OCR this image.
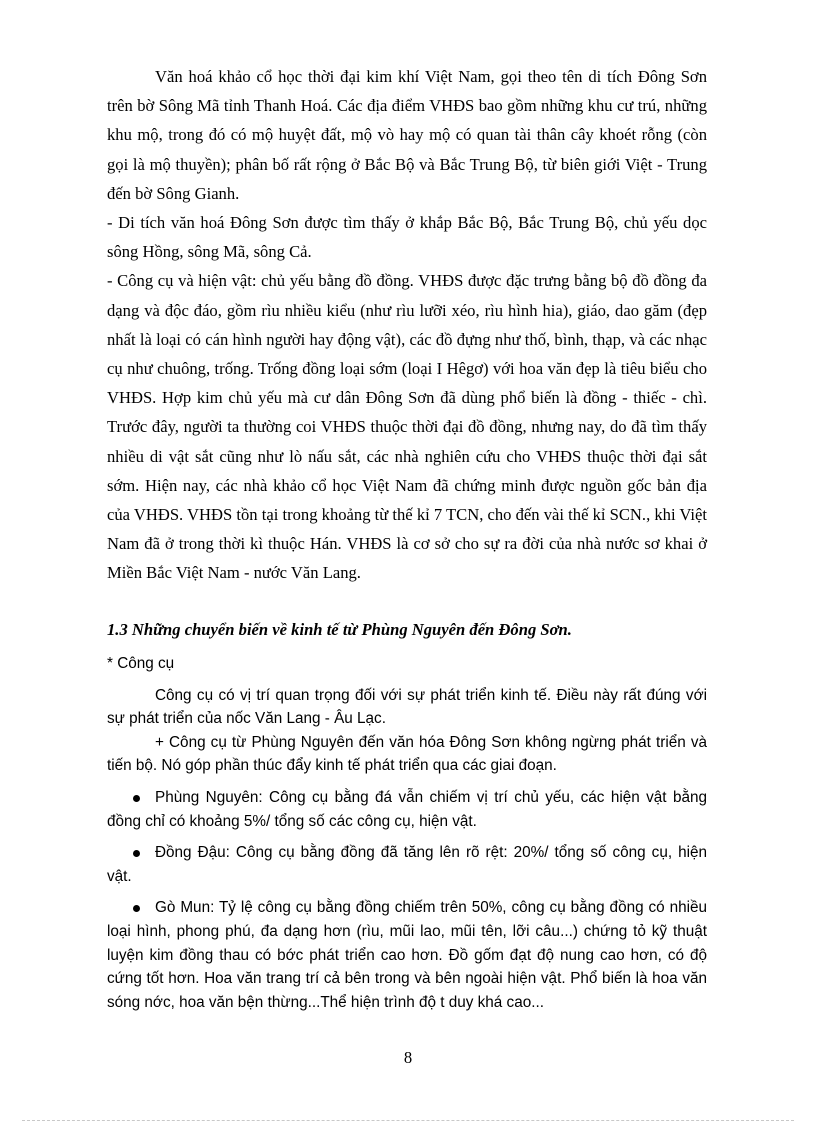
Văn hoá khảo cổ học thời đại kim khí Việt Nam, gọi theo tên di tích Đông Sơn trên bờ Sông Mã tỉnh Thanh Hoá. Các địa điểm VHĐS bao gồm những khu cư trú, những khu mộ, trong đó có mộ huyệt đất, mộ vò hay mộ có quan tài thân cây khoét rỗng (còn gọi là mộ thuyền); phân bố rất rộng ở Bắc Bộ và Bắc Trung Bộ, từ biên giới Việt - Trung đến bờ Sông Gianh.

- Di tích văn hoá Đông Sơn được tìm thấy ở khắp Bắc Bộ, Bắc Trung Bộ, chủ yếu dọc sông Hồng, sông Mã, sông Cả.

- Công cụ và hiện vật: chủ yếu bằng đồ đồng. VHĐS được đặc trưng bằng bộ đồ đồng đa dạng và độc đáo, gồm rìu nhiều kiểu (như rìu lưỡi xéo, rìu hình hia), giáo, dao găm (đẹp nhất là loại có cán hình người hay động vật), các đồ đựng như thố, bình, thạp, và các nhạc cụ như chuông, trống. Trống đồng loại sớm (loại I Hêgơ) với hoa văn đẹp là tiêu biểu cho VHĐS. Hợp kim chủ yếu mà cư dân Đông Sơn đã dùng phổ biến là đồng - thiếc - chì. Trước đây, người ta thường coi VHĐS thuộc thời đại đồ đồng, nhưng nay, do đã tìm thấy nhiều di vật sắt cũng như lò nấu sắt, các nhà nghiên cứu cho VHĐS thuộc thời đại sắt sớm. Hiện nay, các nhà khảo cổ học Việt Nam đã chứng minh được nguồn gốc bản địa của VHĐS. VHĐS tồn tại trong khoảng từ thế kỉ 7 TCN, cho đến vài thế kỉ SCN., khi Việt Nam đã ở trong thời kì thuộc Hán. VHĐS là cơ sở cho sự ra đời của nhà nước sơ khai ở Miền Bắc Việt Nam - nước Văn Lang.

1.3 Những chuyển biến về kinh tế từ Phùng Nguyên đến Đông Sơn.

* Công cụ

Công cụ có vị trí quan trọng đối với sự phát triển kinh tế. Điều này rất đúng với sự phát triển của nốc Văn Lang - Âu Lạc.

+ Công cụ từ Phùng Nguyên đến văn hóa Đông Sơn không ngừng phát triển và tiến bộ. Nó góp phần thúc đẩy kinh tế phát triển qua các giai đoạn.

Phùng Nguyên: Công cụ bằng đá vẫn chiếm vị trí chủ yếu, các hiện vật bằng đồng chỉ có khoảng 5%/ tổng số các công cụ, hiện vật.

Đồng Đậu: Công cụ bằng đồng đã tăng lên rõ rệt: 20%/ tổng số công cụ, hiện vật.

Gò Mun: Tỷ lệ công cụ bằng đồng chiếm trên 50%, công cụ bằng đồng có nhiều loại hình, phong phú, đa dạng hơn (rìu, mũi lao, mũi tên, lỡi câu...) chứng tỏ kỹ thuật luyện kim đồng thau có bớc phát triển cao hơn. Đồ gốm đạt độ nung cao hơn, có độ cứng tốt hơn. Hoa văn trang trí cả bên trong và bên ngoài hiện vật. Phổ biến là hoa văn sóng nớc, hoa văn bện thừng...Thể hiện trình độ t duy khá cao...

8
